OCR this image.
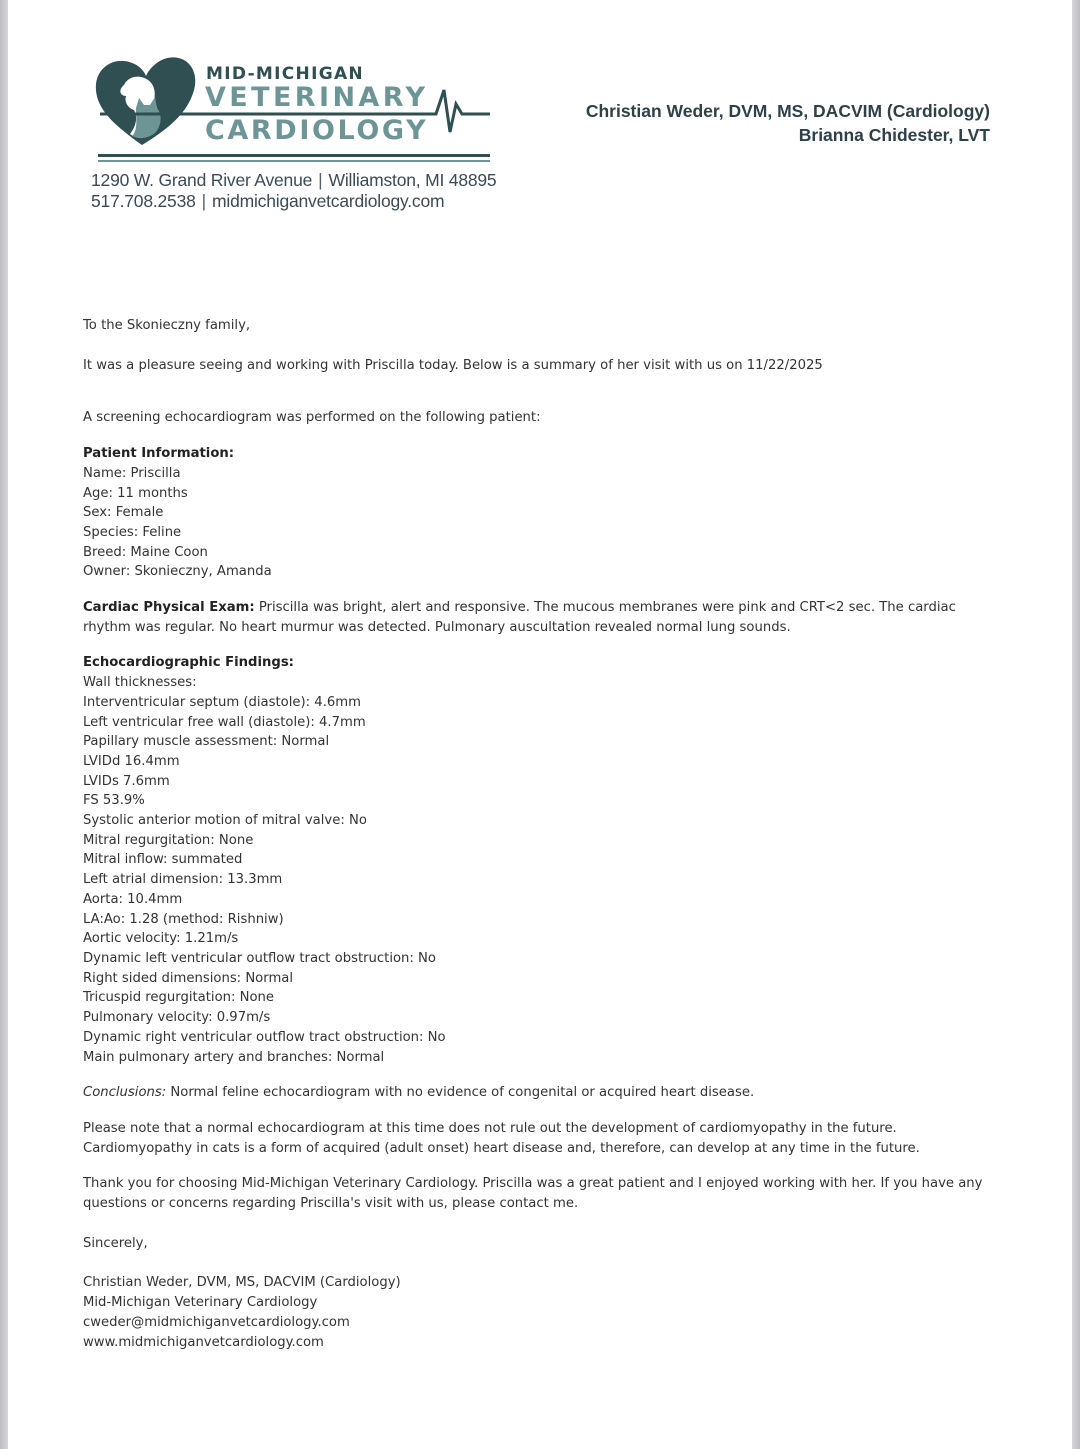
MID-MICHIGAN
VETERINARY
CARDIOLOGY
1290 W. Grand River Avenue | Williamston, MI 48895
517.708.2538 | midmichiganvetcardiology.com
Christian Weder, DVM, MS, DACVIM (Cardiology)
Brianna Chidester, LVT

To the Skonieczny family,

It was a pleasure seeing and working with Priscilla today. Below is a summary of her visit with us on 11/22/2025

A screening echocardiogram was performed on the following patient:

Patient Information:

Name: Priscilla

Age: 11 months

Sex: Female

Species: Feline

Breed: Maine Coon

Owner: Skonieczny, Amanda

Cardiac Physical Exam: Priscilla was bright, alert and responsive. The mucous membranes were pink and CRT<2 sec. The cardiac

rhythm was regular. No heart murmur was detected. Pulmonary auscultation revealed normal lung sounds.

Echocardiographic Findings:

Wall thicknesses:

Interventricular septum (diastole): 4.6mm

Left ventricular free wall (diastole): 4.7mm

Papillary muscle assessment: Normal

LVIDd 16.4mm

LVIDs 7.6mm

FS 53.9%

Systolic anterior motion of mitral valve: No

Mitral regurgitation: None

Mitral inflow: summated

Left atrial dimension: 13.3mm

Aorta: 10.4mm

LA:Ao: 1.28 (method: Rishniw)

Aortic velocity: 1.21m/s

Dynamic left ventricular outflow tract obstruction: No

Right sided dimensions: Normal

Tricuspid regurgitation: None

Pulmonary velocity: 0.97m/s

Dynamic right ventricular outflow tract obstruction: No

Main pulmonary artery and branches: Normal

Conclusions: Normal feline echocardiogram with no evidence of congenital or acquired heart disease.

Please note that a normal echocardiogram at this time does not rule out the development of cardiomyopathy in the future.

Cardiomyopathy in cats is a form of acquired (adult onset) heart disease and, therefore, can develop at any time in the future.

Thank you for choosing Mid-Michigan Veterinary Cardiology. Priscilla was a great patient and I enjoyed working with her. If you have any

questions or concerns regarding Priscilla's visit with us, please contact me.

Sincerely,

Christian Weder, DVM, MS, DACVIM (Cardiology)

Mid-Michigan Veterinary Cardiology

cweder@midmichiganvetcardiology.com

www.midmichiganvetcardiology.com
